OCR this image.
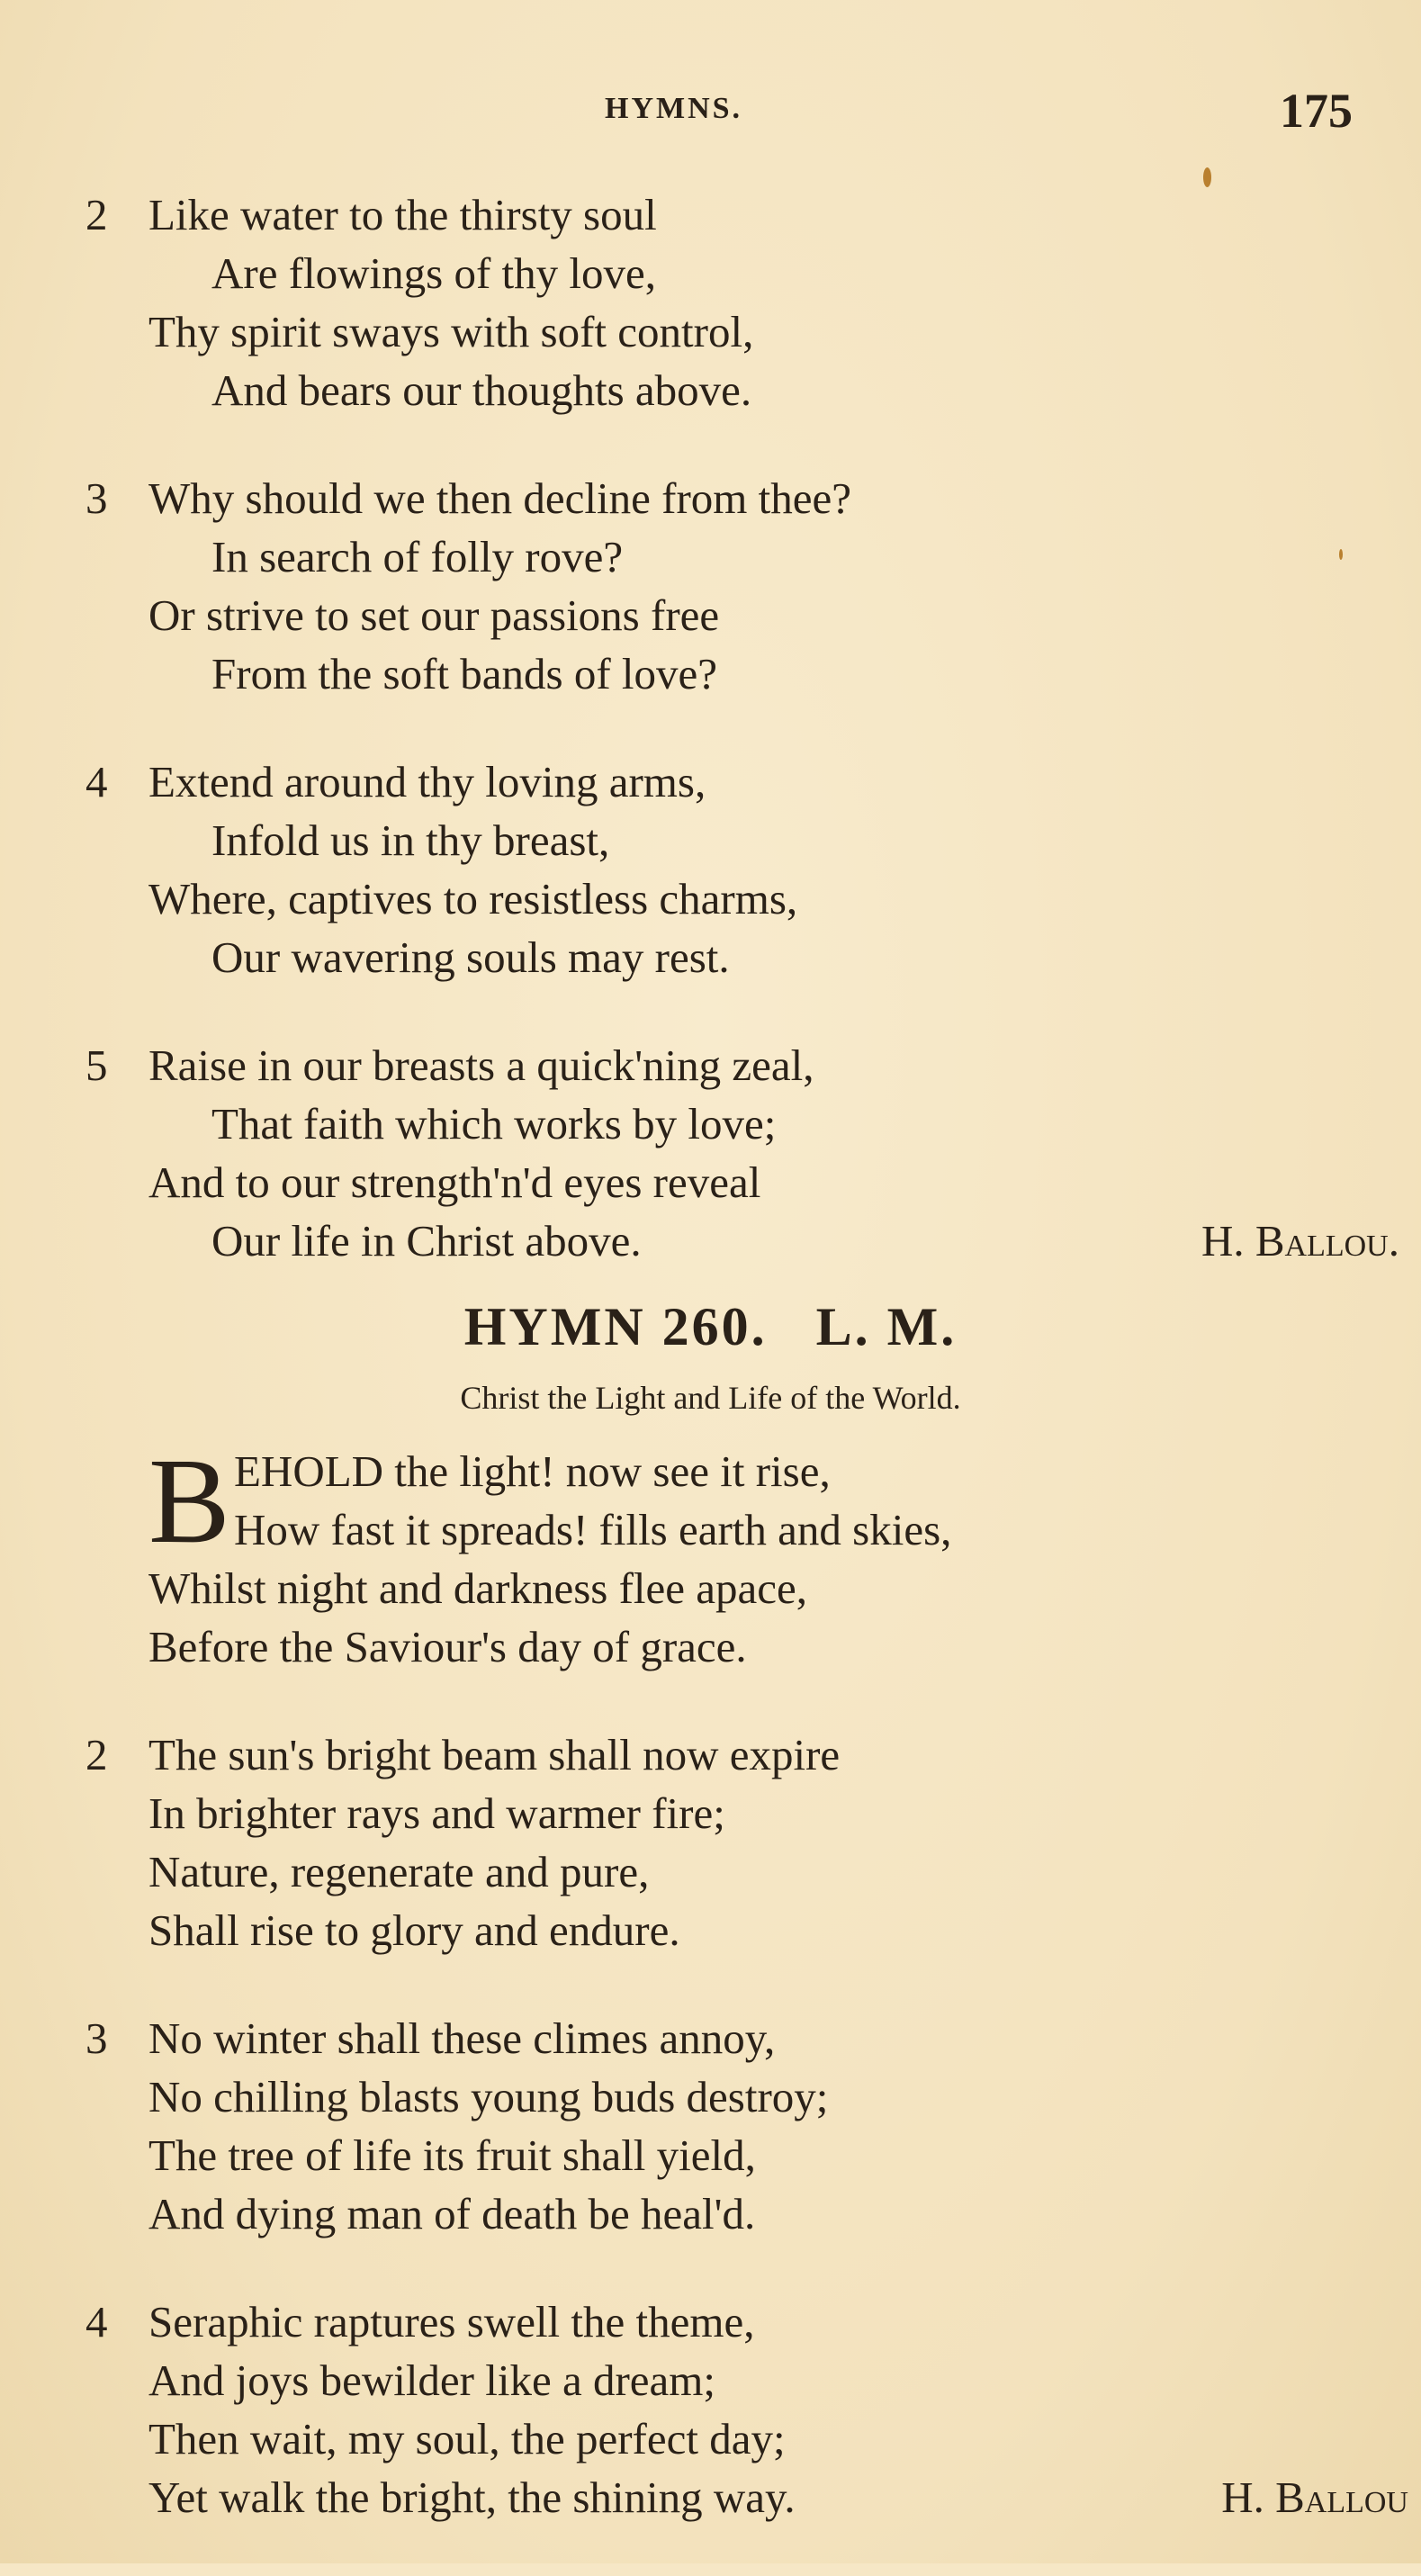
HYMNS.	175
2 Like water to the thirsty soul
Are flowings of thy love,
Thy spirit sways with soft control,
And bears our thoughts above.
3 Why should we then decline from thee?
In search of folly rove?
Or strive to set our passions free
From the soft bands of love?
4 Extend around thy loving arms,
Infold us in thy breast,
Where, captives to resistless charms,
Our wavering souls may rest.
5 Raise in our breasts a quick'ning zeal,
That faith which works by love;
And to our strength'n'd eyes reveal
Our life in Christ above.	H. Ballou.
HYMN 260.   L. M.
Christ the Light and Life of the World.
B EHOLD the light! now see it rise,
How fast it spreads! fills earth and skies,
Whilst night and darkness flee apace,
Before the Saviour's day of grace.
2 The sun's bright beam shall now expire
In brighter rays and warmer fire;
Nature, regenerate and pure,
Shall rise to glory and endure.
3 No winter shall these climes annoy,
No chilling blasts young buds destroy;
The tree of life its fruit shall yield,
And dying man of death be heal'd.
4 Seraphic raptures swell the theme,
And joys bewilder like a dream;
Then wait, my soul, the perfect day;
Yet walk the bright, the shining way.	H. Ballou
